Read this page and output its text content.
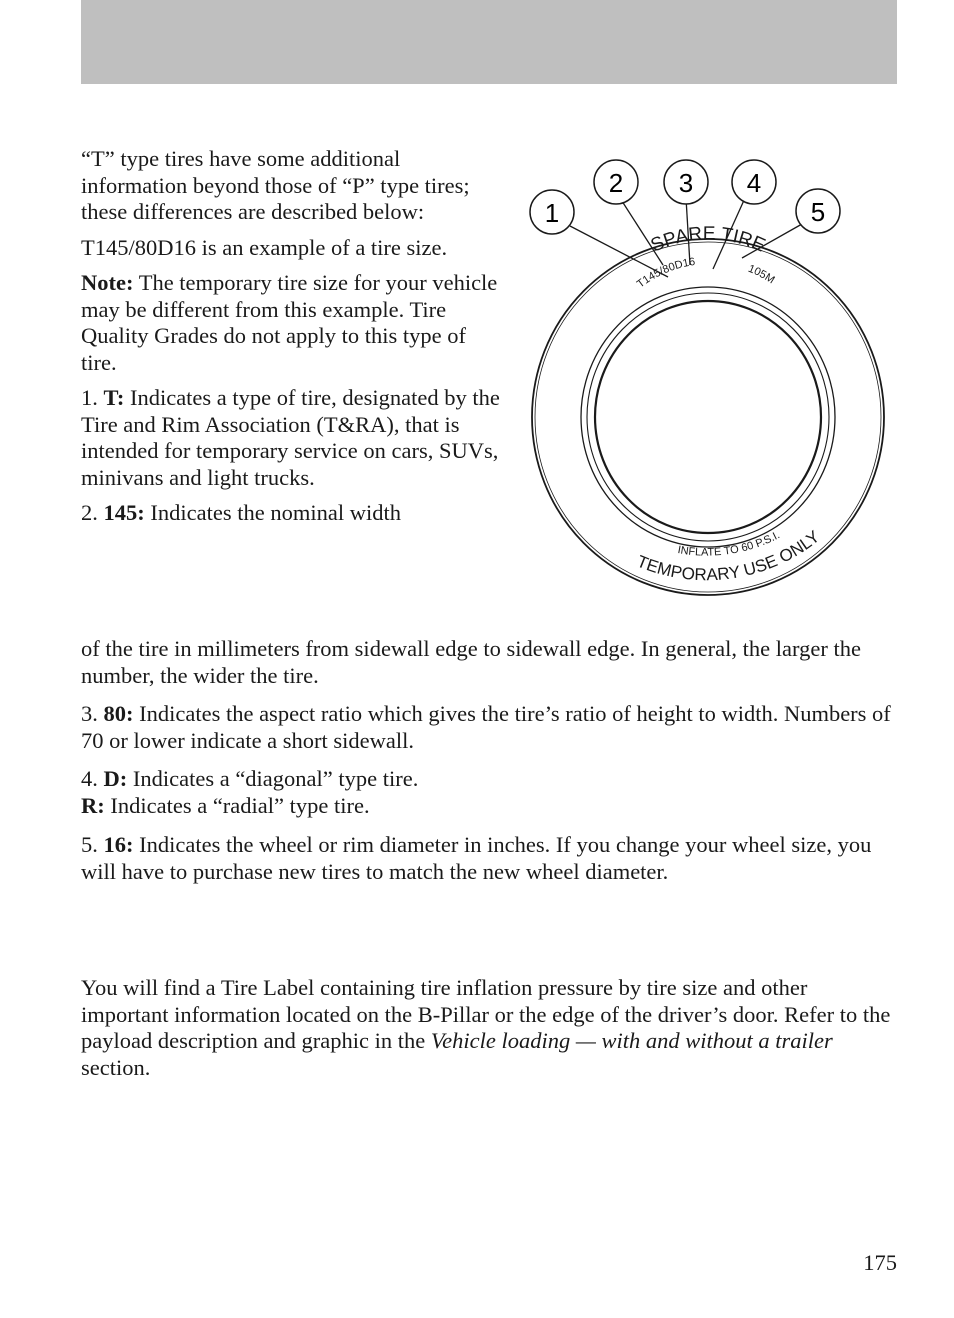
“T” type tires have some additional information beyond those of “P” type tires; these differences are described below:

T145/80D16 is an example of a tire size.

Note: The temporary tire size for your vehicle may be different from this example. Tire Quality Grades do not apply to this type of tire.

1. T: Indicates a type of tire, designated by the Tire and Rim Association (T&RA), that is intended for temporary service on cars, SUVs, minivans and light trucks.

2. 145: Indicates the nominal width

of the tire in millimeters from sidewall edge to sidewall edge. In general, the larger the number, the wider the tire.

3. 80: Indicates the aspect ratio which gives the tire’s ratio of height to width. Numbers of 70 or lower indicate a short sidewall.

4. D: Indicates a “diagonal” type tire.

R: Indicates a “radial” type tire.

5. 16: Indicates the wheel or rim diameter in inches. If you change your wheel size, you will have to purchase new tires to match the new wheel diameter.

You will find a Tire Label containing tire inflation pressure by tire size and other important information located on the B-Pillar or the edge of the driver’s door. Refer to the payload description and graphic in the Vehicle loading — with and without a trailer section.

1
2 3 4
5
SPARE TIRE
T145/80D16
105M
TEMPORARY USE ONLY
INFLATE TO 60 P.S.I.
175
